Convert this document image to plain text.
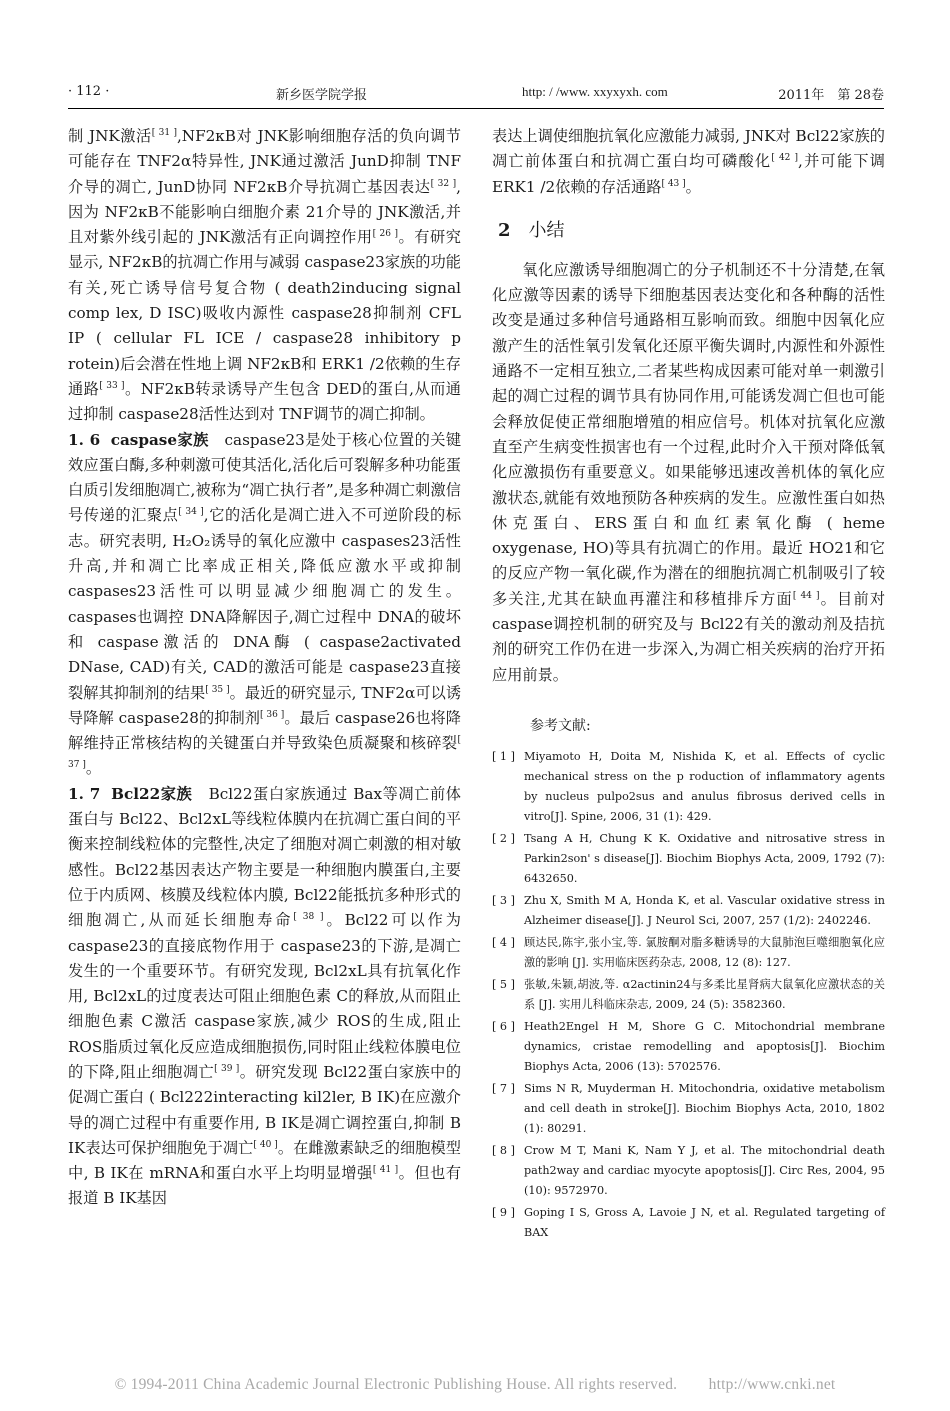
· 112 ·	新乡医学院学报	http: / /www. xxyxyxh. com	2011年　第 28卷

制 JNK激活[ 31 ],NF2κB对 JNK影响细胞存活的负向调节可能存在 TNF2α特异性, JNK通过激活 JunD抑制 TNF介导的凋亡, JunD协同 NF2κB介导抗凋亡基因表达[ 32 ],因为 NF2κB不能影响白细胞介素 21介导的 JNK激活,并且对紫外线引起的 JNK激活有正向调控作用[ 26 ]。有研究显示, NF2κB的抗凋亡作用与减弱 caspase23家族的功能有关,死亡诱导信号复合物 ( death2inducing signal comp lex, D ISC)吸收内源性 caspase28抑制剂 CFL IP ( cellular FL ICE / caspase28 inhibitory p rotein)后会潜在性地上调 NF2κB和 ERK1 /2依赖的生存通路[ 33 ]。NF2κB转录诱导产生包含 DED的蛋白,从而通过抑制 caspase28活性达到对 TNF调节的凋亡抑制。

1. 6 caspase家族 caspase23是处于核心位置的关键效应蛋白酶,多种刺激可使其活化,活化后可裂解多种功能蛋白质引发细胞凋亡,被称为“凋亡执行者”,是多种凋亡刺激信号传递的汇聚点[ 34 ],它的活化是凋亡进入不可逆阶段的标志。研究表明, H₂O₂诱导的氧化应激中 caspases23活性升高,并和凋亡比率成正相关,降低应激水平或抑制 caspases23活性可以明显减少细胞凋亡的发生。caspases也调控 DNA降解因子,凋亡过程中 DNA的破坏和 caspase激活的 DNA酶 ( caspase2activated DNase, CAD)有关, CAD的激活可能是 caspase23直接裂解其抑制剂的结果[ 35 ]。最近的研究显示, TNF2α可以诱导降解 caspase28的抑制剂[ 36 ]。最后 caspase26也将降解维持正常核结构的关键蛋白并导致染色质凝聚和核碎裂[ 37 ]。

1. 7 Bcl22家族 Bcl22蛋白家族通过 Bax等凋亡前体蛋白与 Bcl22、Bcl2xL等线粒体膜内在抗凋亡蛋白间的平衡来控制线粒体的完整性,决定了细胞对凋亡刺激的相对敏感性。Bcl22基因表达产物主要是一种细胞内膜蛋白,主要位于内质网、核膜及线粒体内膜, Bcl22能抵抗多种形式的细胞凋亡,从而延长细胞寿命[ 38 ]。Bcl22可以作为 caspase23的直接底物作用于 caspase23的下游,是凋亡发生的一个重要环节。有研究发现, Bcl2xL具有抗氧化作用, Bcl2xL的过度表达可阻止细胞色素 C的释放,从而阻止细胞色素 C激活 caspase家族,减少 ROS的生成,阻止 ROS脂质过氧化反应造成细胞损伤,同时阻止线粒体膜电位的下降,阻止细胞凋亡[ 39 ]。研究发现 Bcl22蛋白家族中的促凋亡蛋白 ( Bcl222interacting kil2ler, B IK)在应激介导的凋亡过程中有重要作用, B IK是凋亡调控蛋白,抑制 B IK表达可保护细胞免于凋亡[ 40 ]。在雌激素缺乏的细胞模型中, B IK在 mRNA和蛋白水平上均明显增强[ 41 ]。但也有报道 B IK基因

表达上调使细胞抗氧化应激能力减弱, JNK对 Bcl22家族的凋亡前体蛋白和抗凋亡蛋白均可磷酸化[ 42 ],并可能下调 ERK1 /2依赖的存活通路[ 43 ]。

2 小结

氧化应激诱导细胞凋亡的分子机制还不十分清楚,在氧化应激等因素的诱导下细胞基因表达变化和各种酶的活性改变是通过多种信号通路相互影响而致。细胞中因氧化应激产生的活性氧引发氧化还原平衡失调时,内源性和外源性通路不一定相互独立,二者某些构成因素可能对单一刺激引起的凋亡过程的调节具有协同作用,可能诱发凋亡但也可能会释放促使正常细胞增殖的相应信号。机体对抗氧化应激直至产生病变性损害也有一个过程,此时介入干预对降低氧化应激损伤有重要意义。如果能够迅速改善机体的氧化应激状态,就能有效地预防各种疾病的发生。应激性蛋白如热休克蛋白、ERS蛋白和血红素氧化酶 ( heme oxygenase, HO)等具有抗凋亡的作用。最近 HO21和它的反应产物一氧化碳,作为潜在的细胞抗凋亡机制吸引了较多关注,尤其在缺血再灌注和移植排斥方面[ 44 ]。目前对 caspase调控机制的研究及与 Bcl22有关的激动剂及拮抗剂的研究工作仍在进一步深入,为凋亡相关疾病的治疗开拓应用前景。

参考文献:
[ 1 ] Miyamoto H, Doita M, Nishida K, et al. Effects of cyclic mechanical stress on the p roduction of inflammatory agents by nucleus pulpo2sus and anulus fibrosus derived cells in vitro[J]. Spine, 2006, 31 (1): 429.
[ 2 ] Tsang A H, Chung K K. Oxidative and nitrosative stress in Parkin2son' s disease[J]. Biochim Biophys Acta, 2009, 1792 (7): 6432650.
[ 3 ] Zhu X, Smith M A, Honda K, et al. Vascular oxidative stress in Alzheimer disease[J]. J Neurol Sci, 2007, 257 (1/2): 2402246.
[ 4 ] 顾达民,陈宇,张小宝,等. 氯胺酮对脂多糖诱导的大鼠肺泡巨噬细胞氧化应激的影响 [J]. 实用临床医药杂志, 2008, 12 (8): 127.
[ 5 ] 张敏,朱颖,胡波,等. α2actinin24与多柔比星肾病大鼠氧化应激状态的关系 [J]. 实用儿科临床杂志, 2009, 24 (5): 3582360.
[ 6 ] Heath2Engel H M, Shore G C. Mitochondrial membrane dynamics, cristae remodelling and apoptosis[J]. Biochim Biophys Acta, 2006 (13): 5702576.
[ 7 ] Sims N R, Muyderman H. Mitochondria, oxidative metabolism and cell death in stroke[J]. Biochim Biophys Acta, 2010, 1802 (1): 80291.
[ 8 ] Crow M T, Mani K, Nam Y J, et al. The mitochondrial death path2way and cardiac myocyte apoptosis[J]. Circ Res, 2004, 95 (10): 9572970.
[ 9 ] Goping I S, Gross A, Lavoie J N, et al. Regulated targeting of BAX
© 1994-2011 China Academic Journal Electronic Publishing House. All rights reserved.　　http://www.cnki.net
